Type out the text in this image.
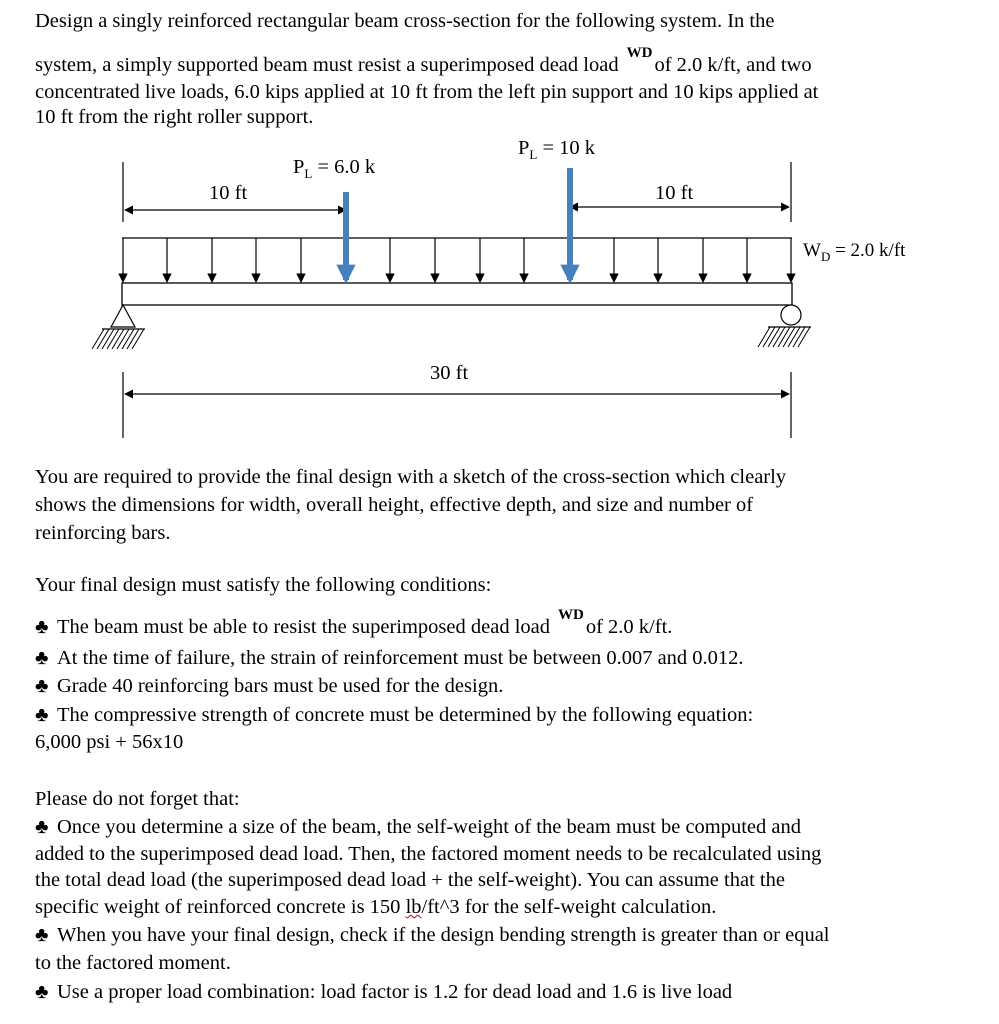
Design a singly reinforced rectangular beam cross-section for the following system. In the
system, a simply supported beam must resist a superimposed dead load$^{WD}$of 2.0 k/ft, and two
concentrated live loads, 6.0 kips applied at 10 ft from the left pin support and 10 kips applied at
10 ft from the right roller support.
$P_L = 10$ k
$P_L = 6.0$ k
10 ft	10 ft
$W_D = 2.0$ k/ft
30 ft
You are required to provide the final design with a sketch of the cross-section which clearly
shows the dimensions for width, overall height, effective depth, and size and number of
reinforcing bars.
Your final design must satisfy the following conditions:
♣ The beam must be able to resist the superimposed dead load$^{WD}$of 2.0 k/ft.
♣ At the time of failure, the strain of reinforcement must be between 0.007 and 0.012.
♣ Grade 40 reinforcing bars must be used for the design.
♣ The compressive strength of concrete must be determined by the following equation:
6,000 psi + 56x10
Please do not forget that:
♣ Once you determine a size of the beam, the self-weight of the beam must be computed and
added to the superimposed dead load. Then, the factored moment needs to be recalculated using
the total dead load (the superimposed dead load + the self-weight). You can assume that the
specific weight of reinforced concrete is 150 lb/ft^3 for the self-weight calculation.
♣ When you have your final design, check if the design bending strength is greater than or equal
to the factored moment.
♣ Use a proper load combination: load factor is 1.2 for dead load and 1.6 is live load
